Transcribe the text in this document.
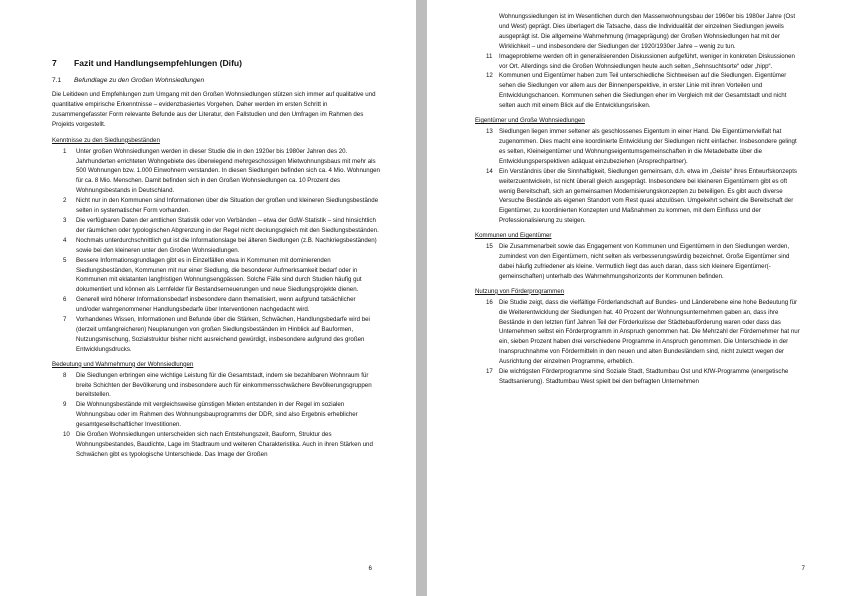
7	Fazit und Handlungsempfehlungen (Difu)
7.1	Befundlage zu den Großen Wohnsiedlungen

Die Leitideen und Empfehlungen zum Umgang mit den Großen Wohnsiedlungen stützen sich immer auf qualitative und quantitative empirische Erkenntnisse – evidenzbasiertes Vorgehen. Daher werden im ersten Schritt in zusammengefasster Form relevante Befunde aus der Literatur, den Fallstudien und den Umfragen im Rahmen des Projekts vorgestellt.

Kenntnisse zu den Siedlungsbeständen
1	Unter großen Wohnsiedlungen werden in dieser Studie die in den 1920er bis 1980er Jahren des 20. Jahrhunderten errichteten Wohngebiete des überwiegend mehrgeschossigen Mietwohnungsbaus mit mehr als 500 Wohnungen bzw. 1.000 Einwohnern verstanden. In diesen Siedlungen befinden sich ca. 4 Mio. Wohnungen für ca. 8 Mio. Menschen. Damit befinden sich in den Großen Wohnsiedlungen ca. 10 Prozent des Wohnungsbestands in Deutschland.
2	Nicht nur in den Kommunen sind Informationen über die Situation der großen und kleineren Siedlungsbestände selten in systematischer Form vorhanden.
3	Die verfügbaren Daten der amtlichen Statistik oder von Verbänden – etwa der GdW-Statistik – sind hinsichtlich der räumlichen oder typologischen Abgrenzung in der Regel nicht deckungsgleich mit den Siedlungsbeständen.
4	Nochmals unterdurchschnittlich gut ist die Informationslage bei älteren Siedlungen (z.B. Nachkriegsbeständen) sowie bei den kleineren unter den Großen Wohnsiedlungen.
5	Bessere Informationsgrundlagen gibt es in Einzelfällen etwa in Kommunen mit dominierenden Siedlungsbeständen, Kommunen mit nur einer Siedlung, die besonderer Aufmerksamkeit bedarf oder in Kommunen mit eklatanten langfristigen Wohnungsengpässen. Solche Fälle sind durch Studien häufig gut dokumentiert und können als Lernfelder für Bestandserneuerungen und neue Siedlungsprojekte dienen.
6	Generell wird höherer Informationsbedarf insbesondere dann thematisiert, wenn aufgrund tatsächlicher und/oder wahrgenommener Handlungsbedarfe über Interventionen nachgedacht wird.
7	Vorhandenes Wissen, Informationen und Befunde über die Stärken, Schwächen, Handlungsbedarfe wird bei (derzeit umfangreicheren) Neuplanungen von großen Siedlungsbeständen im Hinblick auf Bauformen, Nutzungsmischung, Sozialstruktur bisher nicht ausreichend gewürdigt, insbesondere aufgrund des großen Entwicklungsdrucks.
Bedeutung und Wahrnehmung der Wohnsiedlungen
8	Die Siedlungen erbringen eine wichtige Leistung für die Gesamtstadt, indem sie bezahlbaren Wohnraum für breite Schichten der Bevölkerung und insbesondere auch für einkommensschwächere Bevölkerungsgruppen bereitstellen.
9	Die Wohnungsbestände mit vergleichsweise günstigen Mieten entstanden in der Regel im sozialen Wohnungsbau oder im Rahmen des Wohnungsbauprogramms der DDR, sind also Ergebnis erheblicher gesamtgesellschaftlicher Investitionen.
10	Die Großen Wohnsiedlungen unterscheiden sich nach Entstehungszeit, Bauform, Struktur des Wohnungsbestandes, Baudichte, Lage im Stadtraum und weiteren Charakteristika. Auch in ihren Stärken und Schwächen gibt es typologische Unterschiede. Das Image der Großen
6

Wohnungssiedlungen ist im Wesentlichen durch den Massenwohnungsbau der 1960er bis 1980er Jahre (Ost und West) geprägt. Dies überlagert die Tatsache, dass die Individualität der einzelnen Siedlungen jeweils ausgeprägt ist. Die allgemeine Wahrnehmung (Imageprägung) der Großen Wohnsiedlungen hat mit der Wirklichkeit – und insbesondere der Siedlungen der 1920/1930er Jahre – wenig zu tun.

11	Imageprobleme werden oft in generalisierenden Diskussionen aufgeführt, weniger in konkreten Diskussionen vor Ort. Allerdings sind die Großen Wohnsiedlungen heute auch selten „Sehnsuchtsorte“ oder „hipp“.
12	Kommunen und Eigentümer haben zum Teil unterschiedliche Sichtweisen auf die Siedlungen. Eigentümer sehen die Siedlungen vor allem aus der Binnenperspektive, in erster Linie mit ihren Vorteilen und Entwicklungschancen. Kommunen sehen die Siedlungen eher im Vergleich mit der Gesamtstadt und nicht selten auch mit einem Blick auf die Entwicklungsrisiken.
Eigentümer und Große Wohnsiedlungen
13	Siedlungen liegen immer seltener als geschlossenes Eigentum in einer Hand. Die Eigentümervielfalt hat zugenommen. Dies macht eine koordinierte Entwicklung der Siedlungen nicht einfacher. Insbesondere gelingt es selten, Kleineigentümer und Wohnungseigentumsgemeinschaften in die Metadebatte über die Entwicklungsperspektiven adäquat einzubeziehen (Ansprechpartner).
14	Ein Verständnis über die Sinnhaftigkeit, Siedlungen gemeinsam, d.h. etwa im „Geiste“ ihres Entwurfskonzepts weiterzuentwickeln, ist nicht überall gleich ausgeprägt. Insbesondere bei kleineren Eigentümern gibt es oft wenig Bereitschaft, sich an gemeinsamen Modernisierungskonzepten zu beteiligen. Es gibt auch diverse Versuche Bestände als eigenen Standort vom Rest quasi abzulösen. Umgekehrt scheint die Bereitschaft der Eigentümer, zu koordinierten Konzepten und Maßnahmen zu kommen, mit dem Einfluss und der Professionalisierung zu steigen.
Kommunen und Eigentümer
15	Die Zusammenarbeit sowie das Engagement von Kommunen und Eigentümern in den Siedlungen werden, zumindest von den Eigentümern, nicht selten als verbesserungswürdig bezeichnet. Große Eigentümer sind dabei häufig zufriedener als kleine. Vermutlich liegt das auch daran, dass sich kleinere Eigentümer(-gemeinschaften) unterhalb des Wahrnehmungshorizonts der Kommunen befinden.
Nutzung von Förderprogrammen
16	Die Studie zeigt, dass die vielfältige Förderlandschaft auf Bundes- und Länderebene eine hohe Bedeutung für die Weiterentwicklung der Siedlungen hat. 40 Prozent der Wohnungsunternehmen gaben an, dass ihre Bestände in den letzten fünf Jahren Teil der Förderkulisse der Städtebauförderung waren oder dass das Unternehmen selbst ein Förderprogramm in Anspruch genommen hat. Die Mehrzahl der Fördernehmer hat nur ein, sieben Prozent haben drei verschiedene Programme in Anspruch genommen. Die Unterschiede in der Inanspruchnahme von Fördermitteln in den neuen und alten Bundesländern sind, nicht zuletzt wegen der Ausrichtung der einzelnen Programme, erheblich.
17	Die wichtigsten Förderprogramme sind Soziale Stadt, Stadtumbau Ost und KfW-Programme (energetische Stadtsanierung). Stadtumbau West spielt bei den befragten Unternehmen
7
